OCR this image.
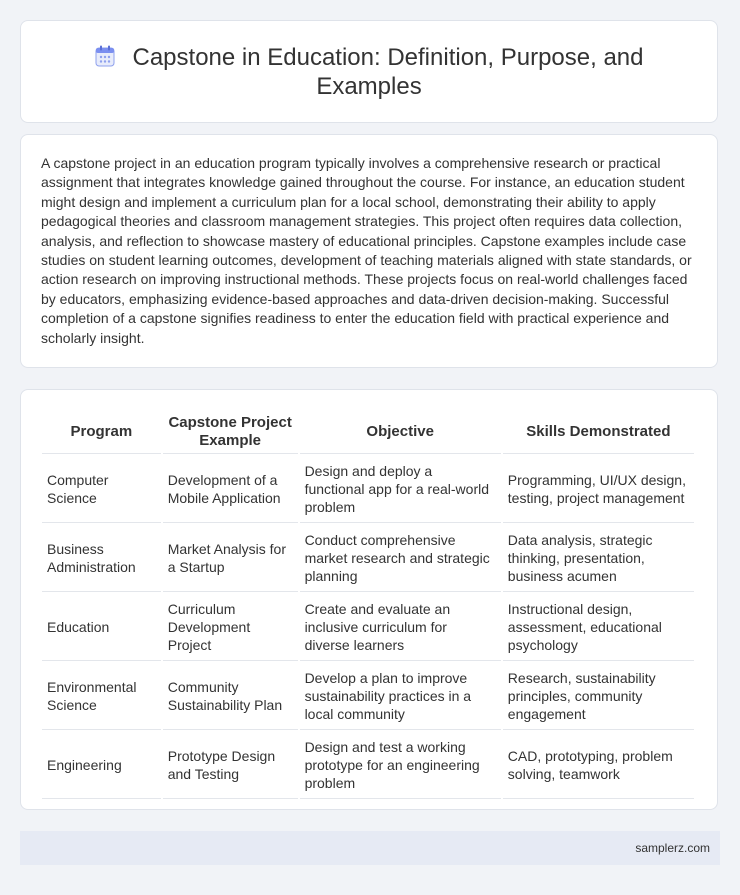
Capstone in Education: Definition, Purpose, and Examples

A capstone project in an education program typically involves a comprehensive research or practical assignment that integrates knowledge gained throughout the course. For instance, an education student might design and implement a curriculum plan for a local school, demonstrating their ability to apply pedagogical theories and classroom management strategies. This project often requires data collection, analysis, and reflection to showcase mastery of educational principles. Capstone examples include case studies on student learning outcomes, development of teaching materials aligned with state standards, or action research on improving instructional methods. These projects focus on real-world challenges faced by educators, emphasizing evidence-based approaches and data-driven decision-making. Successful completion of a capstone signifies readiness to enter the education field with practical experience and scholarly insight.

Program	Capstone Project Example	Objective	Skills Demonstrated
Computer Science	Development of a Mobile Application	Design and deploy a functional app for a real-world problem	Programming, UI/UX design, testing, project management
Business Administration	Market Analysis for a Startup	Conduct comprehensive market research and strategic planning	Data analysis, strategic thinking, presentation, business acumen
Education	Curriculum Development Project	Create and evaluate an inclusive curriculum for diverse learners	Instructional design, assessment, educational psychology
Environmental Science	Community Sustainability Plan	Develop a plan to improve sustainability practices in a local community	Research, sustainability principles, community engagement
Engineering	Prototype Design and Testing	Design and test a working prototype for an engineering problem	CAD, prototyping, problem solving, teamwork
samplerz.com
